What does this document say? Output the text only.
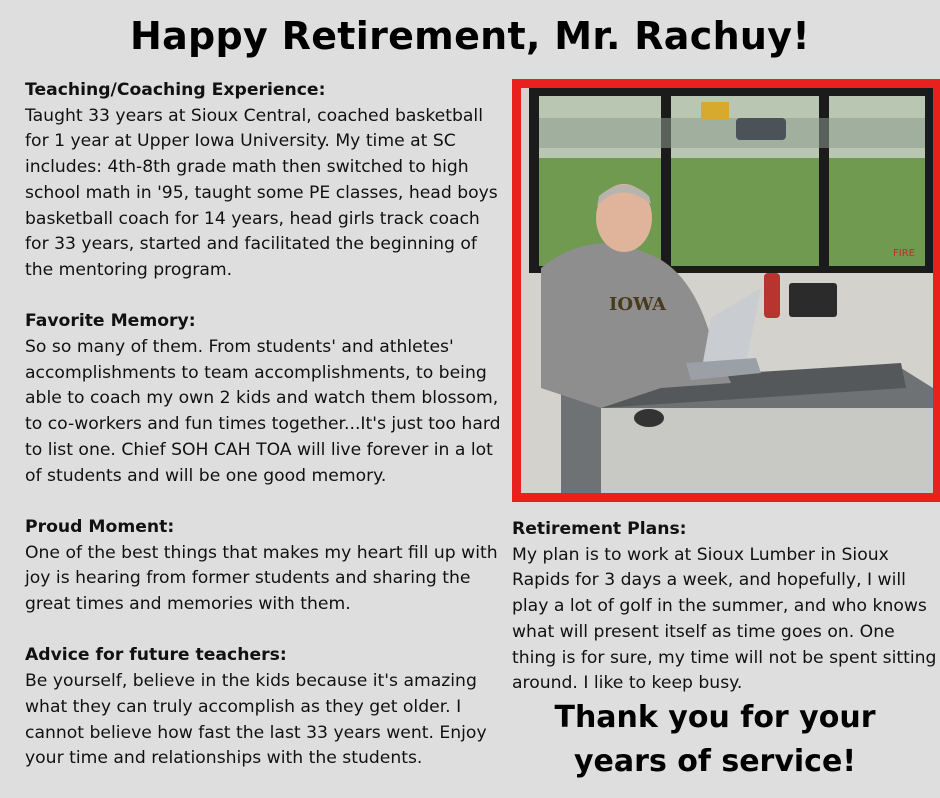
Happy Retirement, Mr. Rachuy!
Teaching/Coaching Experience:
Taught 33 years at Sioux Central, coached basketball for 1 year at Upper Iowa University. My time at SC includes: 4th-8th grade math then switched to high school math in '95, taught some PE classes, head boys basketball coach for 14 years, head girls track coach for 33 years, started and facilitated the beginning of the mentoring program.
Favorite Memory:
So so many of them. From students' and athletes' accomplishments to team accomplishments, to being able to coach my own 2 kids and watch them blossom, to co-workers and fun times together...It's just too hard to list one. Chief SOH CAH TOA will live forever in a lot of students and will be one good memory.
Proud Moment:
One of the best things that makes my heart fill up with joy is hearing from former students and sharing the great times and memories with them.
Advice for future teachers:
Be yourself, believe in the kids because it's amazing what they can truly accomplish as they get older. I cannot believe how fast the last 33 years went. Enjoy your time and relationships with the students.
FIRE
IOWA
Retirement Plans:
My plan is to work at Sioux Lumber in Sioux Rapids for 3 days a week, and hopefully, I will play a lot of golf in the summer, and who knows what will present itself as time goes on. One thing is for sure, my time will not be spent sitting around. I like to keep busy.
Thank you for your years of service!
